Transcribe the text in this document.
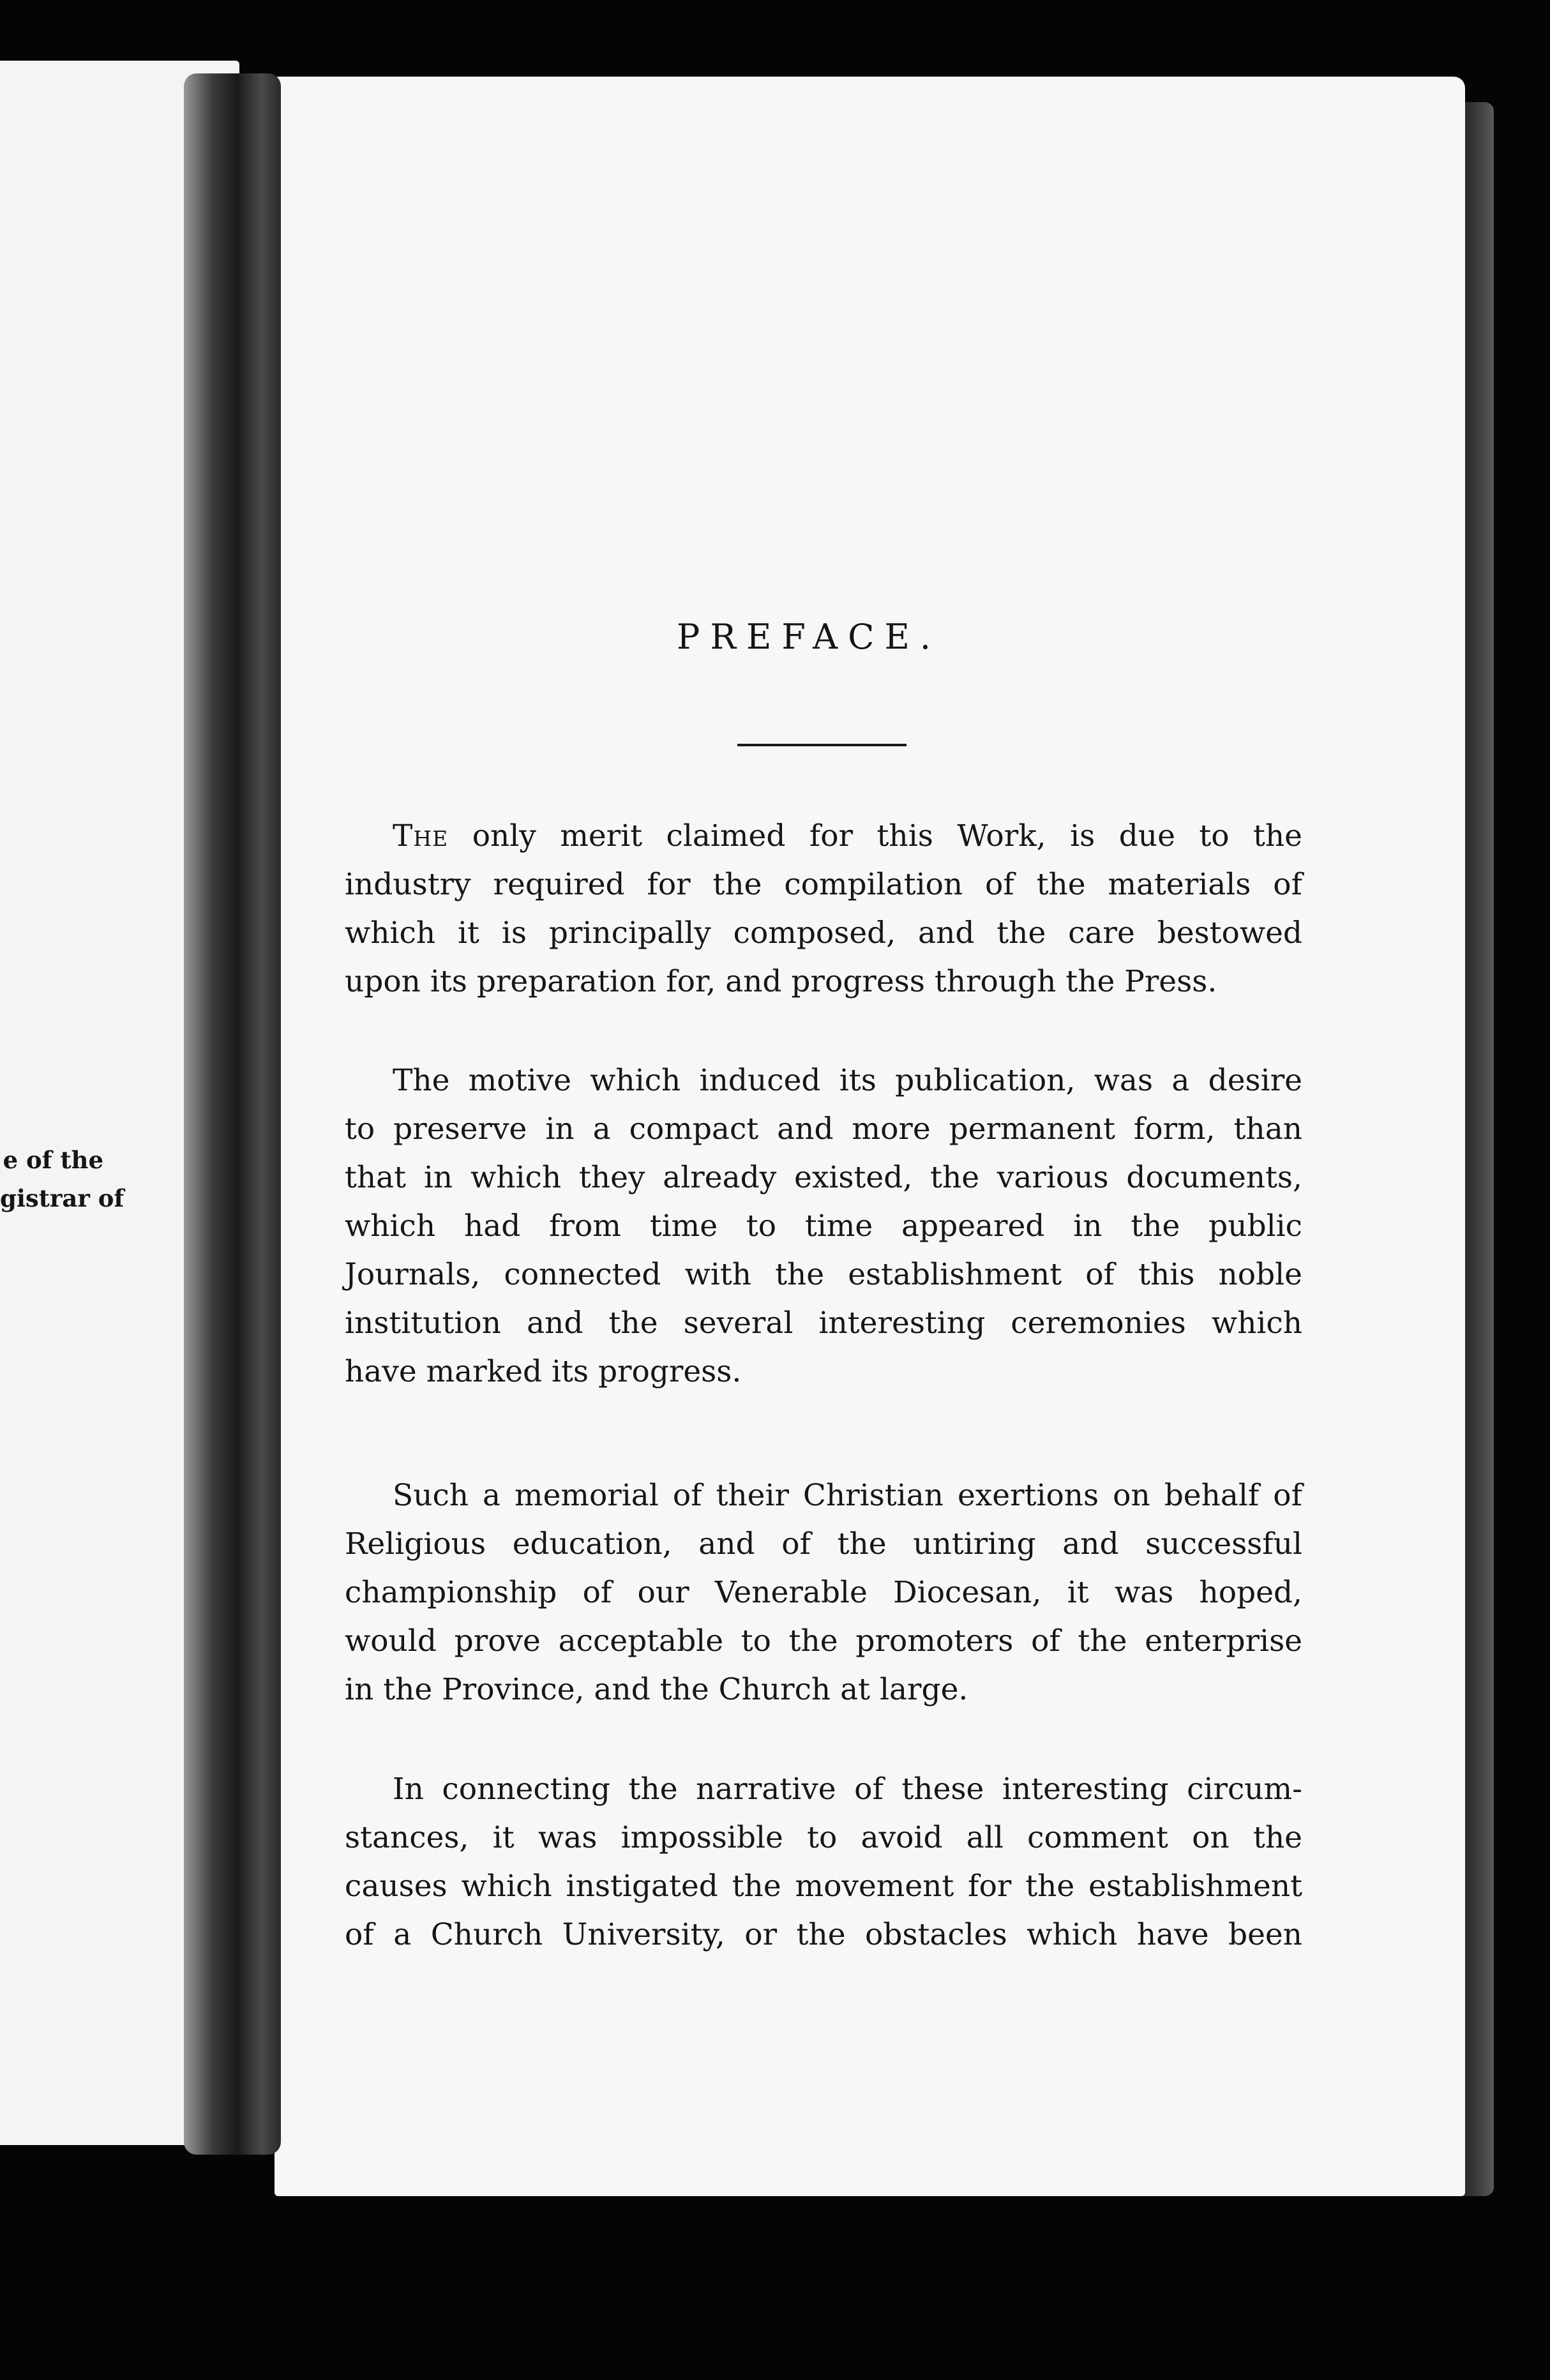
e of the
gistrar of
PREFACE.
The only merit claimed for this Work, is due to the
industry required for the compilation of the materials of
which it is principally composed, and the care bestowed
upon its preparation for, and progress through the Press.
The motive which induced its publication, was a desire
to preserve in a compact and more permanent form, than
that in which they already existed, the various documents,
which had from time to time appeared in the public
Journals, connected with the establishment of this noble
institution and the several interesting ceremonies which
have marked its progress.
Such a memorial of their Christian exertions on behalf of
Religious education, and of the untiring and successful
championship of our Venerable Diocesan, it was hoped,
would prove acceptable to the promoters of the enterprise
in the Province, and the Church at large.
In connecting the narrative of these interesting circum-
stances, it was impossible to avoid all comment on the
causes which instigated the movement for the establishment
of a Church University, or the obstacles which have been
